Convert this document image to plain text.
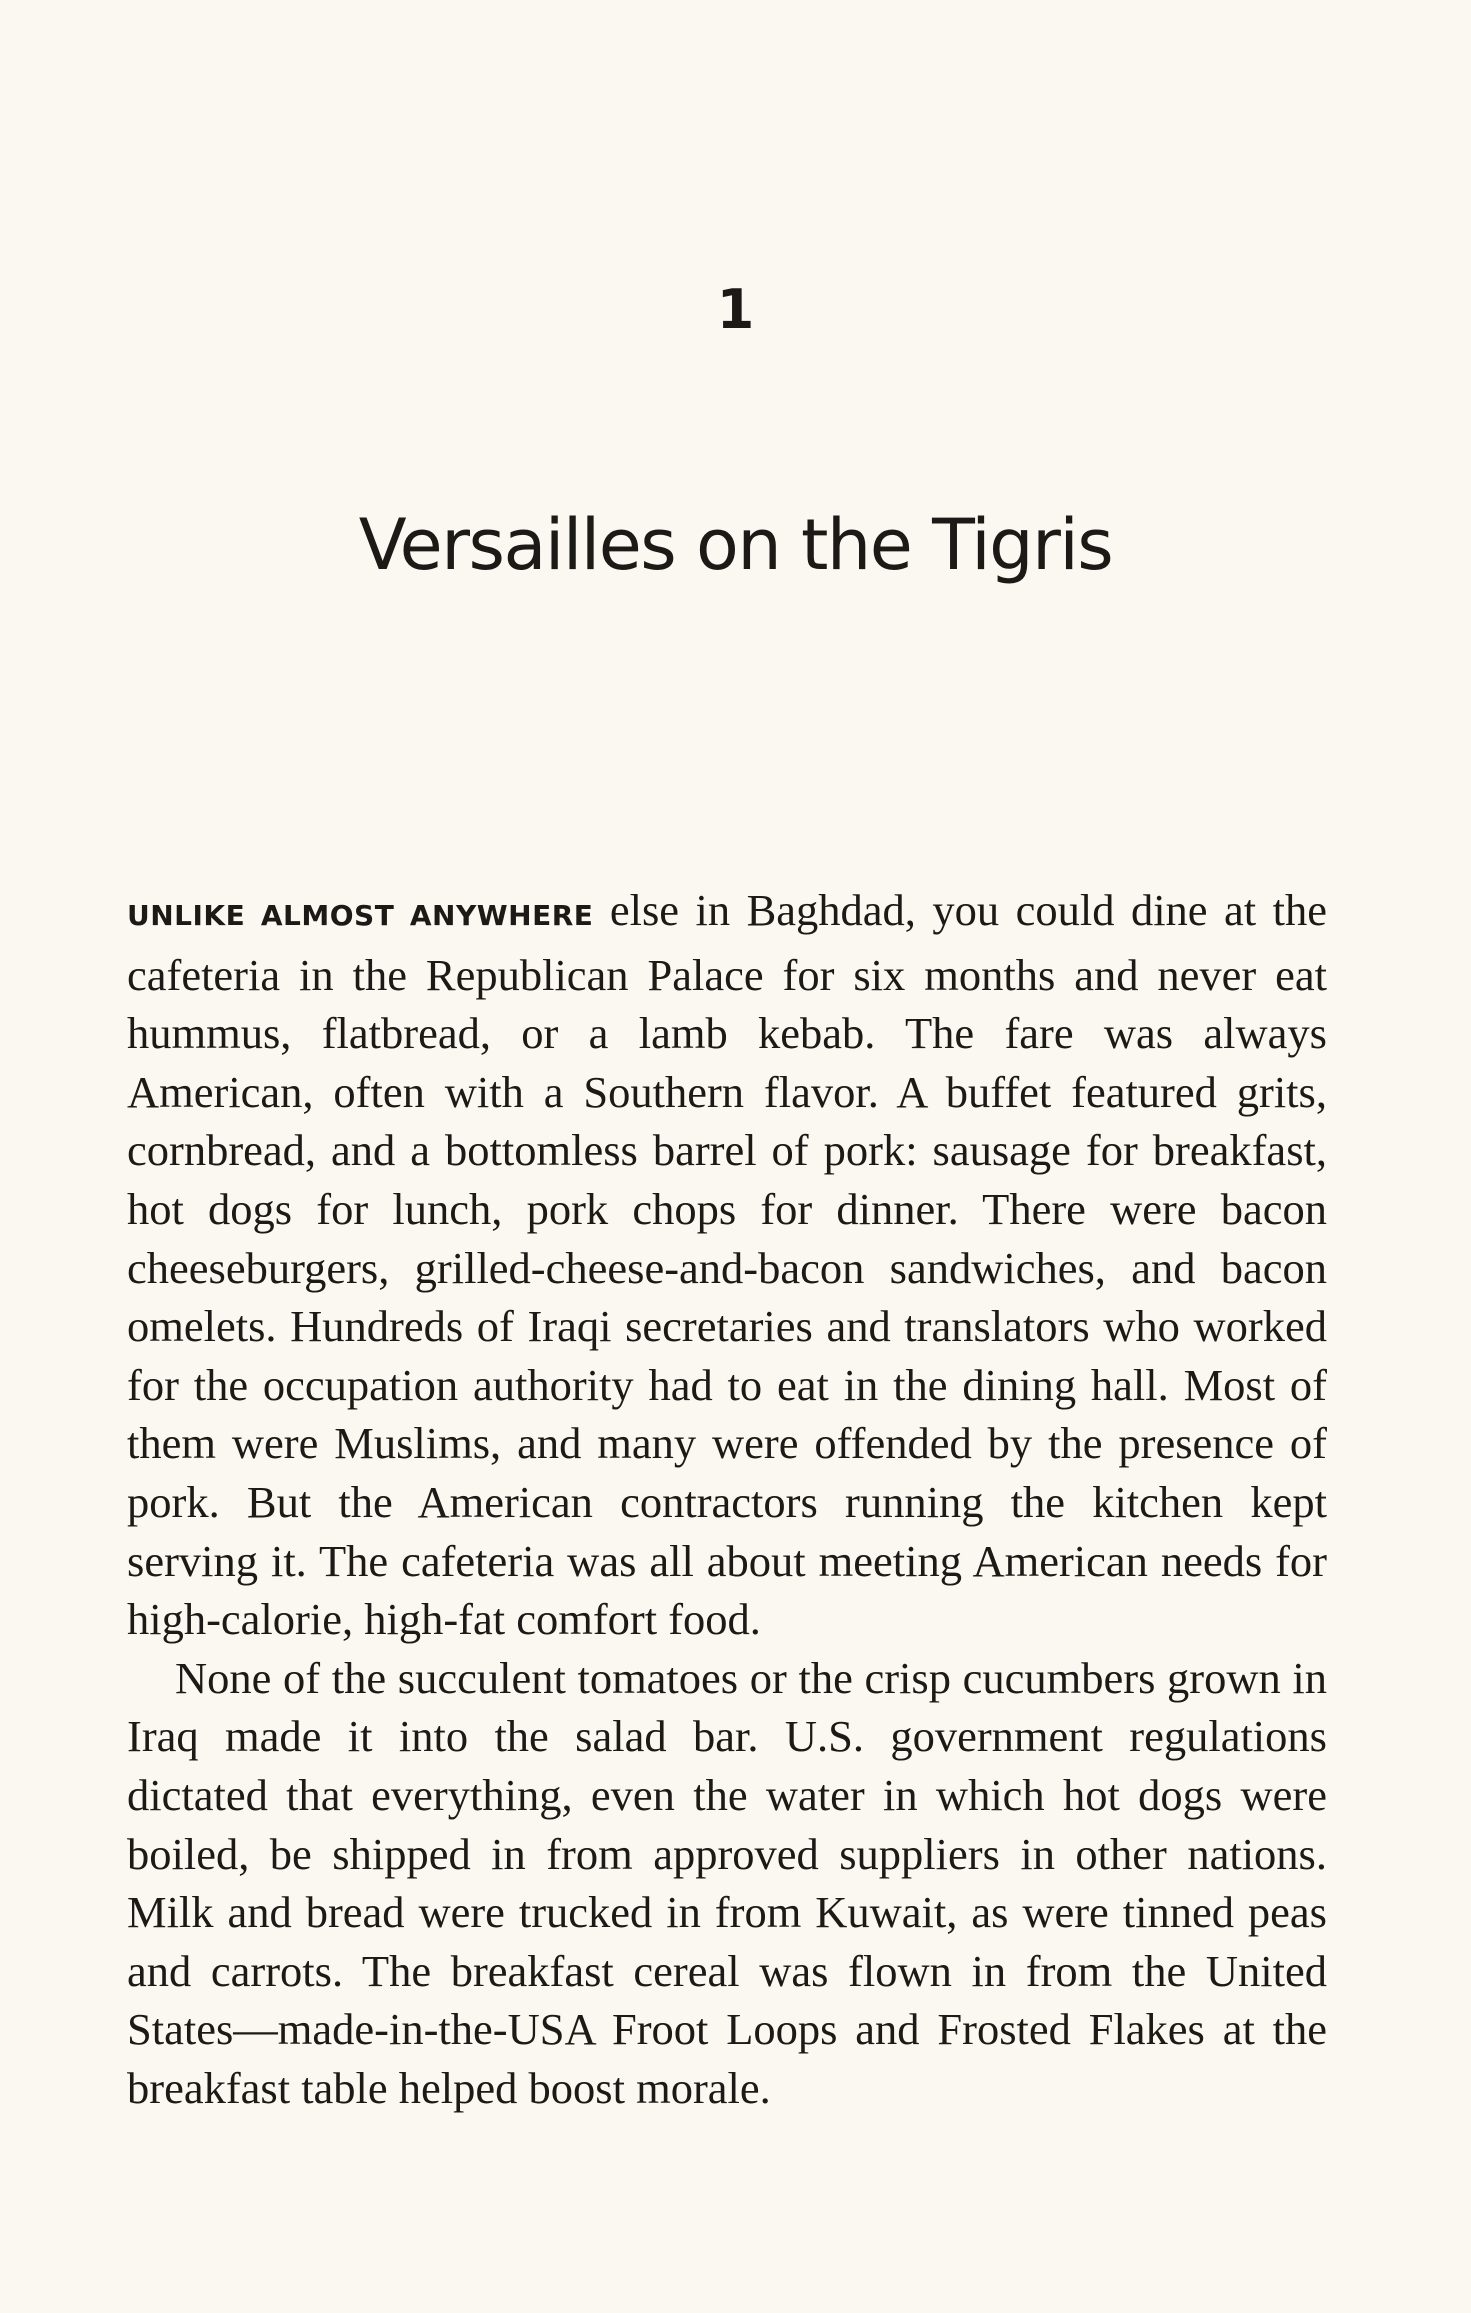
1
Versailles on the Tigris

UNLIKE ALMOST ANYWHERE else in Baghdad, you could dine at the cafeteria in the Republican Palace for six months and never eat hummus, flatbread, or a lamb kebab. The fare was always American, often with a Southern flavor. A buffet featured grits, cornbread, and a bottomless barrel of pork: sausage for breakfast, hot dogs for lunch, pork chops for dinner. There were bacon cheeseburgers, grilled-cheese-and-bacon sandwiches, and bacon omelets. Hundreds of Iraqi secretaries and translators who worked for the occupation authority had to eat in the dining hall. Most of them were Muslims, and many were offended by the presence of pork. But the American contractors running the kitchen kept serving it. The cafeteria was all about meeting American needs for high-calorie, high-fat comfort food.

None of the succulent tomatoes or the crisp cucumbers grown in Iraq made it into the salad bar. U.S. government regulations dictated that everything, even the water in which hot dogs were boiled, be shipped in from approved suppliers in other nations. Milk and bread were trucked in from Kuwait, as were tinned peas and carrots. The breakfast cereal was flown in from the United States—made-in-the-USA Froot Loops and Frosted Flakes at the breakfast table helped boost morale.
